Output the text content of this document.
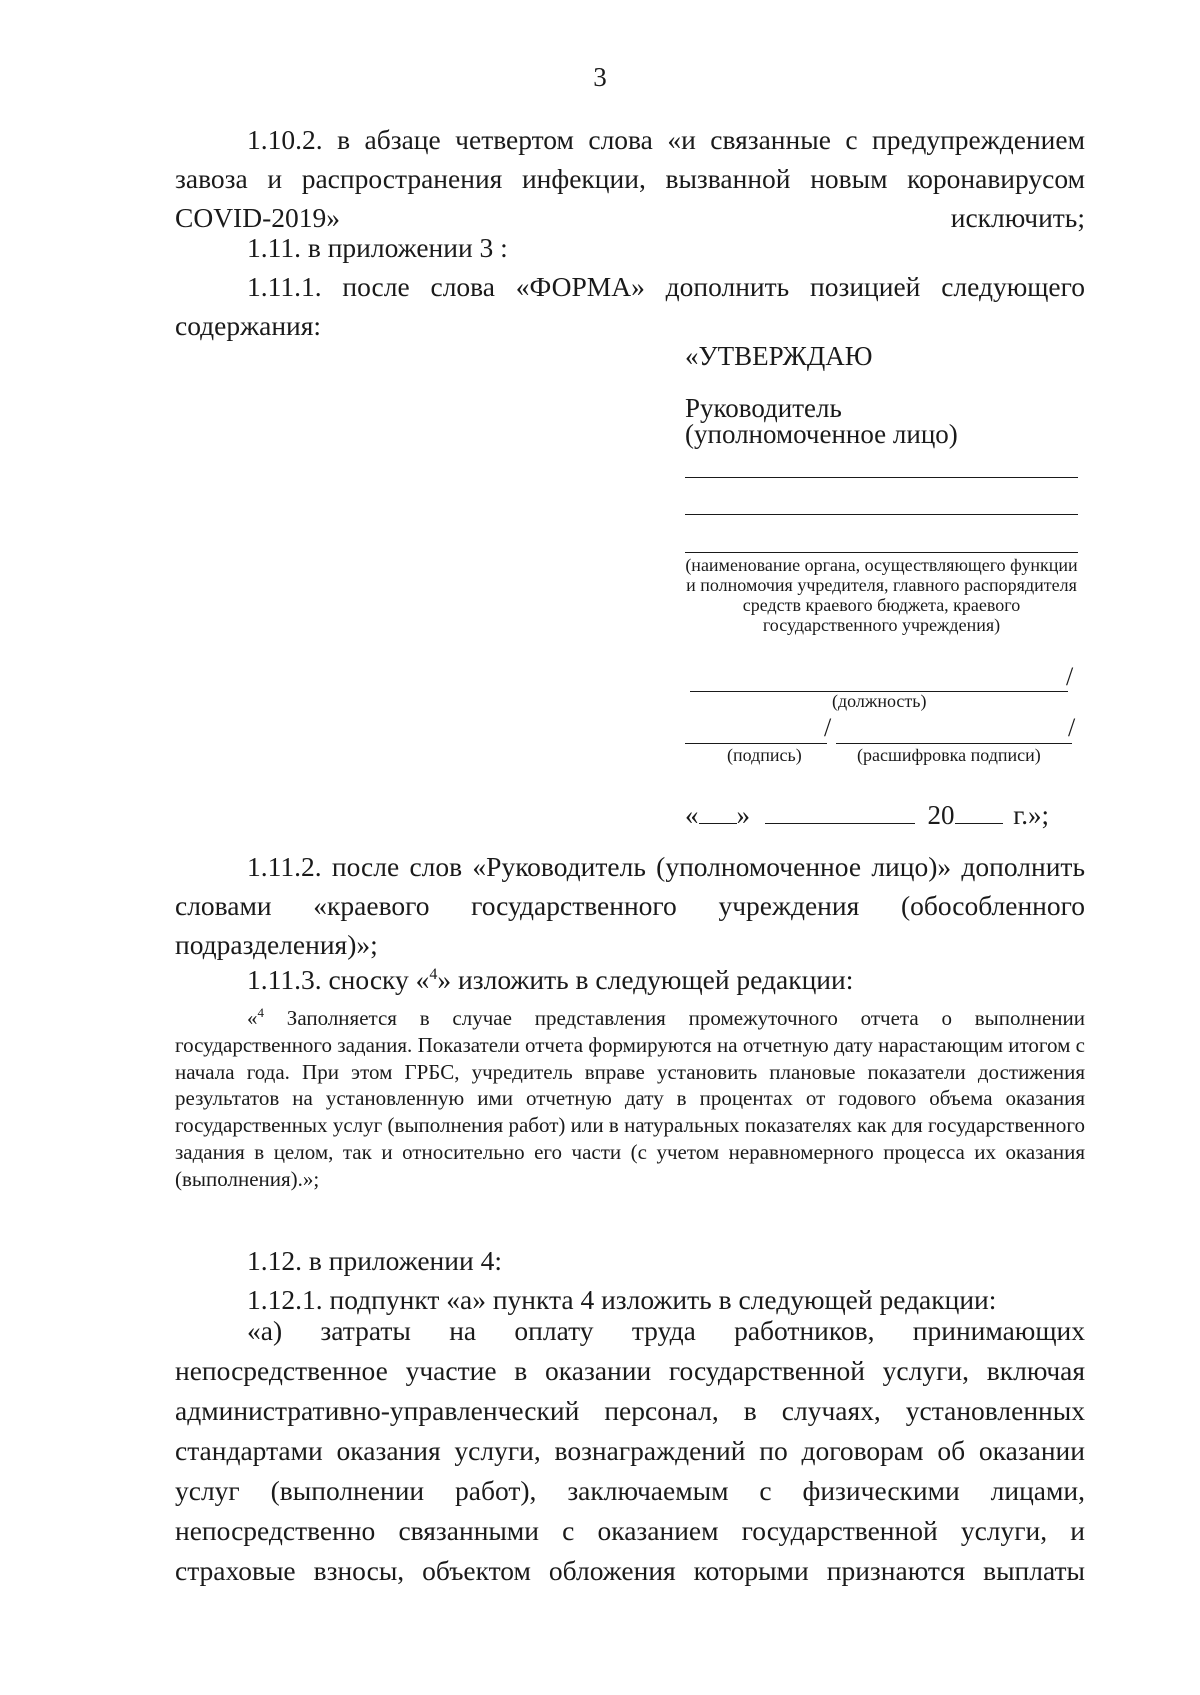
3

1.10.2. в абзаце четвертом слова «и связанные с предупреждением завоза и распространения инфекции, вызванной новым коронавирусом COVID-2019» исключить;

1.11. в приложении 3 :

1.11.1. после слова «ФОРМА» дополнить позицией следующего содержания:

«УТВЕРЖДАЮ
Руководитель
(уполномоченное лицо)
(наименование органа, осуществляющего функции и полномочия учредителя, главного распорядителя средств краевого бюджета, краевого государственного учреждения)
/
(должность)
/	/
(подпись)	(расшифровка подписи)
« »	20 г.»;

1.11.2. после слов «Руководитель (уполномоченное лицо)» дополнить словами «краевого государственного учреждения (обособленного подразделения)»;

1.11.3. сноску «$^4$» изложить в следующей редакции:

«$^4$ Заполняется в случае представления промежуточного отчета о выполнении государственного задания. Показатели отчета формируются на отчетную дату нарастающим итогом с начала года. При этом ГРБС, учредитель вправе установить плановые показатели достижения результатов на установленную ими отчетную дату в процентах от годового объема оказания государственных услуг (выполнения работ) или в натуральных показателях как для государственного задания в целом, так и относительно его части (с учетом неравномерного процесса их оказания (выполнения).»;

1.12. в приложении 4:
1.12.1. подпункт «а» пункта 4 изложить в следующей редакции:

«а) затраты на оплату труда работников, принимающих непосредственное участие в оказании государственной услуги, включая административно-управленческий персонал, в случаях, установленных стандартами оказания услуги, вознаграждений по договорам об оказании услуг (выполнении работ), заключаемым с физическими лицами, непосредственно связанными с оказанием государственной услуги, и страховые взносы, объектом обложения которыми признаются выплаты
